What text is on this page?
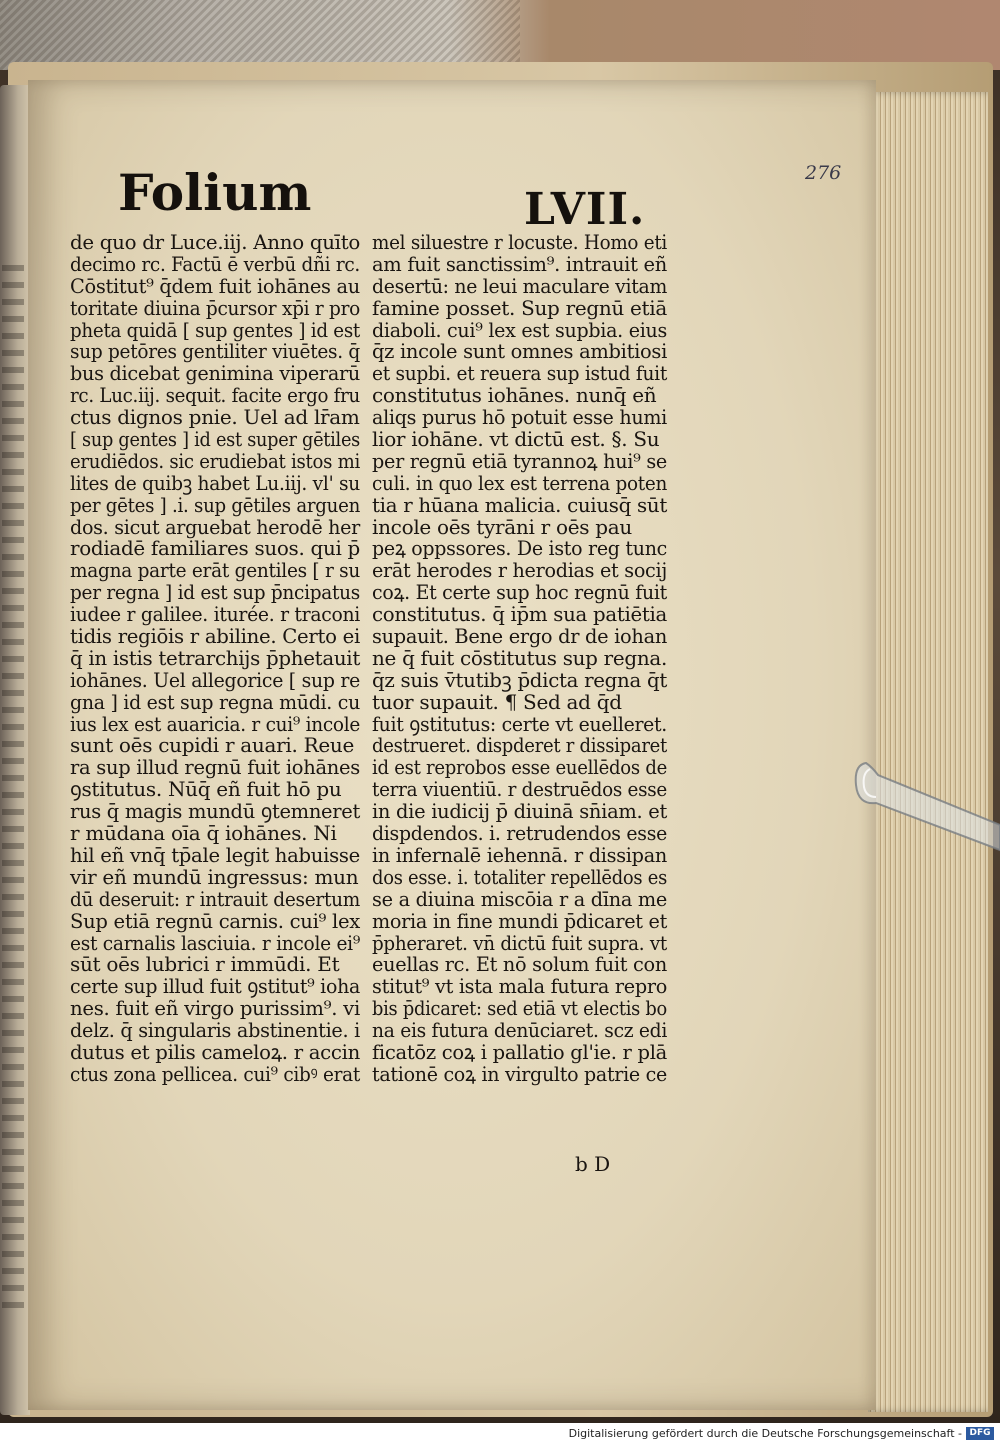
Folium	LVII.
276
de quo dr Luce.iij. Anno quīto
decimo rc. Factū ē verbū dñi rc.
Cōstitut⁹ q̄dem fuit iohānes au
toritate diuina p̄cursor xp̄i r pro
pheta quidā [ sup gentes ] id est
sup petōres gentiliter viuētes. q̄
bus dicebat genimina viperarū
rc. Luc.iij. sequit. facite ergo fru
ctus dignos pnie. Uel ad lr̄am
[ sup gentes ] id est super gētiles
erudiēdos. sic erudiebat istos mi
lites de quibꝫ habet Lu.iij. vl' su
per gētes ] .i. sup gētiles arguen
dos. sicut arguebat herodē her
rodiadē familiares suos. qui p̄
magna parte erāt gentiles [ r su
per regna ] id est sup p̄ncipatus
iudee r galilee. iturée. r traconi
tidis regiōis r abiline. Certo ei
q̄ in istis tetrarchijs p̄phetauit
iohānes. Uel allegorice [ sup re
gna ] id est sup regna mūdi. cu
ius lex est auaricia. r cui⁹ incole
sunt oēs cupidi r auari. Reue
ra sup illud regnū fuit iohānes
ꝯstitutus. Nūq̄ eñ fuit hō pu
rus q̄ magis mundū ꝯtemneret
r mūdana oīa q̄ iohānes. Ni
hil eñ vnq̄ tp̄ale legit habuisse
vir eñ mundū ingressus: mun
dū deseruit: r intrauit desertum
Sup etiā regnū carnis. cui⁹ lex
est carnalis lasciuia. r incole ei⁹
sūt oēs lubrici r immūdi. Et
certe sup illud fuit ꝯstitut⁹ ioha
nes. fuit eñ virgo purissim⁹. vi
delz. q̄ singularis abstinentie. i
dutus et pilis cameloꝝ. r accin
ctus zona pellicea. cui⁹ cibꝰ erat
mel siluestre r locuste. Homo eti
am fuit sanctissim⁹. intrauit eñ
desertū: ne leui maculare vitam
famine posset. Sup regnū etiā
diaboli. cui⁹ lex est supbia. eius
q̄z incole sunt omnes ambitiosi
et supbi. et reuera sup istud fuit
constitutus iohānes. nunq̄ eñ
aliqs purus hō potuit esse humi
lior iohāne. vt dictū est. §. Su
per regnū etiā tyrannoꝝ hui⁹ se
culi. in quo lex est terrena poten
tia r hūana malicia. cuiusq̄ sūt
incole oēs tyrāni r oēs pau
peꝝ oppssores. De isto reg tunc
erāt herodes r herodias et socij
coꝝ. Et certe sup hoc regnū fuit
constitutus. q̄ ip̄m sua patiētia
supauit. Bene ergo dr de iohan
ne q̄ fuit cōstitutus sup regna.
q̄z suis v̄tutibꝫ p̄dicta regna q̄t
tuor supauit. ¶ Sed ad q̄d
fuit ꝯstitutus: certe vt euelleret.
destrueret. dispderet r dissiparet
id est reprobos esse euellēdos de
terra viuentiū. r destruēdos esse
in die iudicij p̄ diuinā sn̄iam. et
dispdendos. i. retrudendos esse
in infernalē iehennā. r dissipan
dos esse. i. totaliter repellēdos es
se a diuina miscōia r a dīna me
moria in fine mundi p̄dicaret et
p̄pheraret. vn̄ dictū fuit supra. vt
euellas rc. Et nō solum fuit con
stitut⁹ vt ista mala futura repro
bis p̄dicaret: sed etiā vt electis bo
na eis futura denūciaret. scz edi
ficatōz coꝝ i pallatio gl'ie. r plā
tationē coꝝ in virgulto patrie ce
b D
Digitalisierung gefördert durch die Deutsche Forschungsgemeinschaft - DFG
